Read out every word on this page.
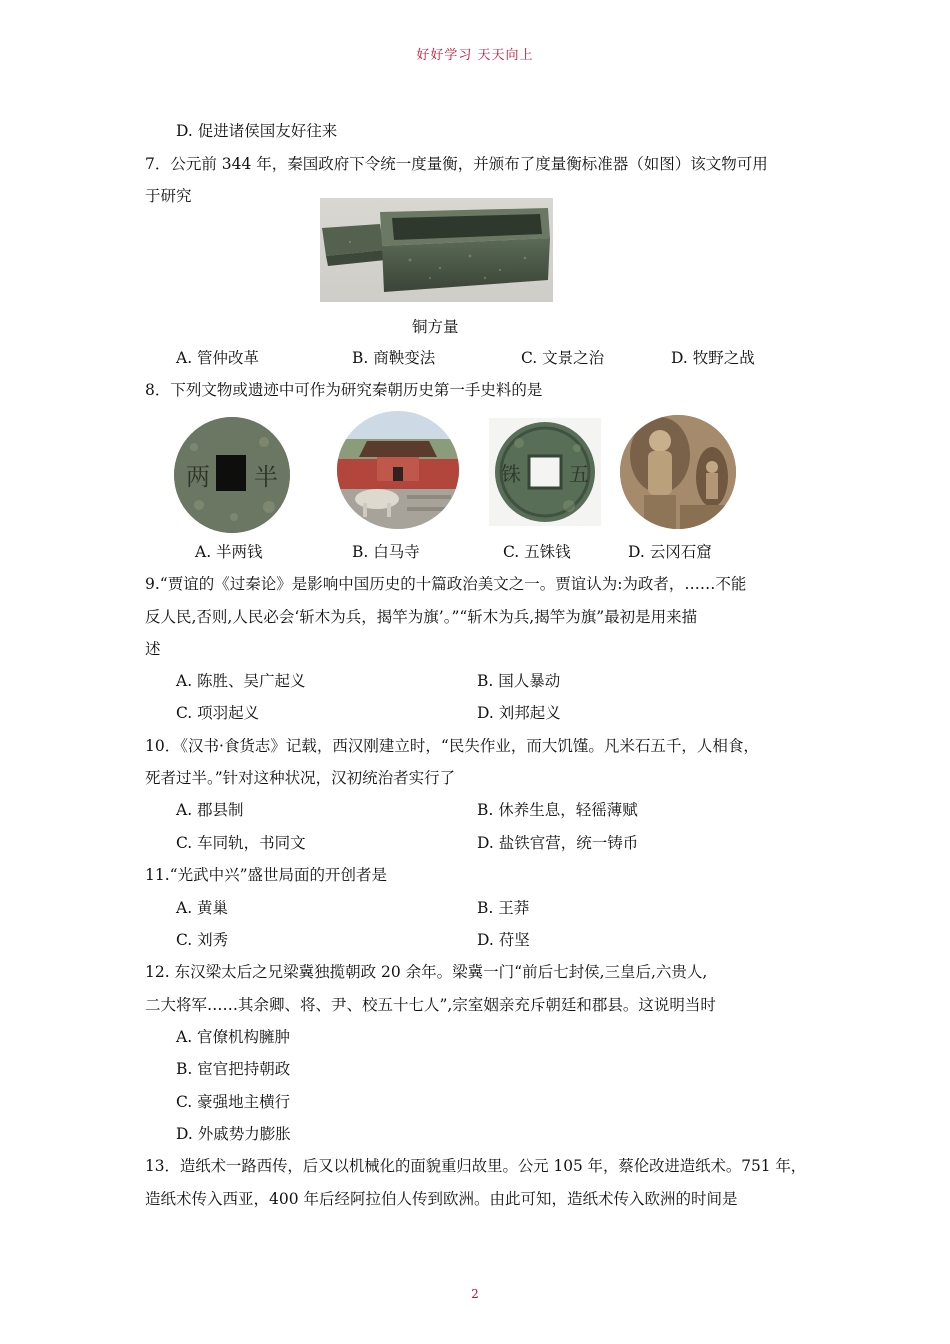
好好学习 天天向上
D. 促进诸侯国友好往来
7．公元前 344 年，秦国政府下令统一度量衡，并颁布了度量衡标准器（如图）该文物可用
于研究
铜方量
A. 管仲改革	B. 商鞅变法	C. 文景之治	D. 牧野之战
8．下列文物或遗迹中可作为研究秦朝历史第一手史料的是
两 半	铢 五
A. 半两钱	B. 白马寺	C. 五铢钱	D. 云冈石窟
9.“贾谊的《过秦论》是影响中国历史的十篇政治美文之一。贾谊认为:为政者，……不能
反人民,否则,人民必会‘斩木为兵，揭竿为旗’。”“斩木为兵,揭竿为旗”最初是用来描
述
A. 陈胜、吴广起义	B. 国人暴动
C. 项羽起义	D. 刘邦起义
10．《汉书·食货志》记载，西汉刚建立时，“民失作业，而大饥馑。凡米石五千，人相食，
死者过半。”针对这种状况，汉初统治者实行了
A. 郡县制	B. 休养生息，轻徭薄赋
C. 车同轨，书同文	D. 盐铁官营，统一铸币
11.“光武中兴”盛世局面的开创者是
A. 黄巢	B. 王莽
C. 刘秀	D. 苻坚
12. 东汉梁太后之兄梁冀独揽朝政 20 余年。梁冀一门“前后七封侯,三皇后,六贵人,
二大将军……其余卿、将、尹、校五十七人”,宗室姻亲充斥朝廷和郡县。这说明当时
A. 官僚机构臃肿
B. 宦官把持朝政
C. 豪强地主横行
D. 外戚势力膨胀
13．造纸术一路西传，后又以机械化的面貌重归故里。公元 105 年，蔡伦改进造纸术。751 年，
造纸术传入西亚，400 年后经阿拉伯人传到欧洲。由此可知，造纸术传入欧洲的时间是
2
